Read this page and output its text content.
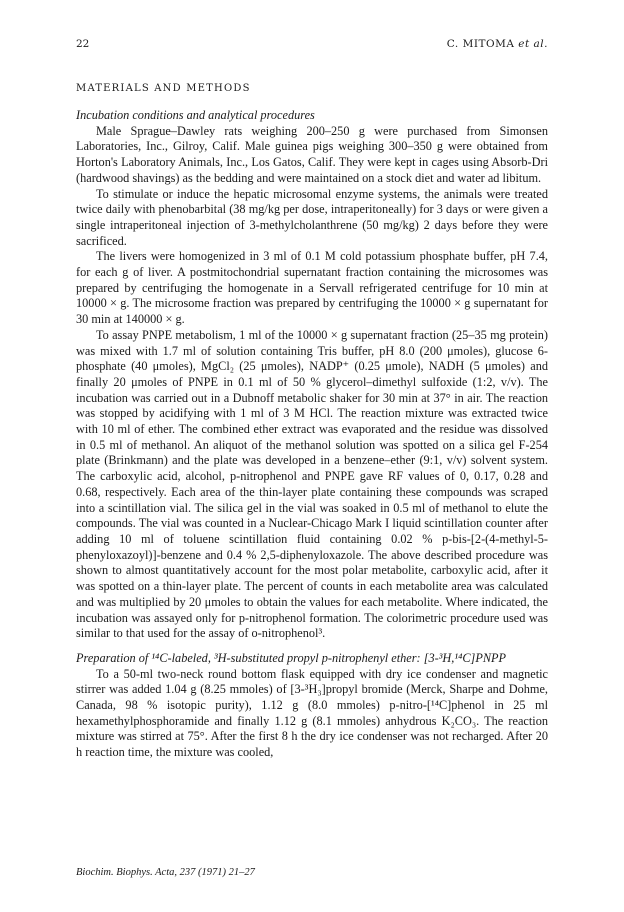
22	C. MITOMA et al.
MATERIALS AND METHODS

Incubation conditions and analytical procedures

Male Sprague–Dawley rats weighing 200–250 g were purchased from Simonsen Laboratories, Inc., Gilroy, Calif. Male guinea pigs weighing 300–350 g were obtained from Horton's Laboratory Animals, Inc., Los Gatos, Calif. They were kept in cages using Absorb-Dri (hardwood shavings) as the bedding and were maintained on a stock diet and water ad libitum.

To stimulate or induce the hepatic microsomal enzyme systems, the animals were treated twice daily with phenobarbital (38 mg/kg per dose, intraperitoneally) for 3 days or were given a single intraperitoneal injection of 3-methylcholanthrene (50 mg/kg) 2 days before they were sacrificed.

The livers were homogenized in 3 ml of 0.1 M cold potassium phosphate buffer, pH 7.4, for each g of liver. A postmitochondrial supernatant fraction containing the microsomes was prepared by centrifuging the homogenate in a Servall refrigerated centrifuge for 10 min at 10000 × g. The microsome fraction was prepared by centrifuging the 10000 × g supernatant for 30 min at 140000 × g.

To assay PNPE metabolism, 1 ml of the 10000 × g supernatant fraction (25–35 mg protein) was mixed with 1.7 ml of solution containing Tris buffer, pH 8.0 (200 μmoles), glucose 6-phosphate (40 μmoles), MgCl₂ (25 μmoles), NADP⁺ (0.25 μmole), NADH (5 μmoles) and finally 20 μmoles of PNPE in 0.1 ml of 50 % glycerol–dimethyl sulfoxide (1:2, v/v). The incubation was carried out in a Dubnoff metabolic shaker for 30 min at 37° in air. The reaction was stopped by acidifying with 1 ml of 3 M HCl. The reaction mixture was extracted twice with 10 ml of ether. The combined ether extract was evaporated and the residue was dissolved in 0.5 ml of methanol. An aliquot of the methanol solution was spotted on a silica gel F-254 plate (Brinkmann) and the plate was developed in a benzene–ether (9:1, v/v) solvent system. The carboxylic acid, alcohol, p-nitrophenol and PNPE gave RF values of 0, 0.17, 0.28 and 0.68, respectively. Each area of the thin-layer plate containing these compounds was scraped into a scintillation vial. The silica gel in the vial was soaked in 0.5 ml of methanol to elute the compounds. The vial was counted in a Nuclear-Chicago Mark I liquid scintillation counter after adding 10 ml of toluene scintillation fluid containing 0.02 % p-bis-[2-(4-methyl-5-phenyloxazoyl)]-benzene and 0.4 % 2,5-diphenyloxazole. The above described procedure was shown to almost quantitatively account for the most polar metabolite, carboxylic acid, after it was spotted on a thin-layer plate. The percent of counts in each metabolite area was calculated and was multiplied by 20 μmoles to obtain the values for each metabolite. Where indicated, the incubation was assayed only for p-nitrophenol formation. The colorimetric procedure used was similar to that used for the assay of o-nitrophenol³.

Preparation of ¹⁴C-labeled, ³H-substituted propyl p-nitrophenyl ether: [3-³H,¹⁴C]PNPP

To a 50-ml two-neck round bottom flask equipped with dry ice condenser and magnetic stirrer was added 1.04 g (8.25 mmoles) of [3-³H₃]propyl bromide (Merck, Sharpe and Dohme, Canada, 98 % isotopic purity), 1.12 g (8.0 mmoles) p-nitro-[¹⁴C]phenol in 25 ml hexamethylphosphoramide and finally 1.12 g (8.1 mmoles) anhydrous K₂CO₃. The reaction mixture was stirred at 75°. After the first 8 h the dry ice condenser was not recharged. After 20 h reaction time, the mixture was cooled,

Biochim. Biophys. Acta, 237 (1971) 21–27
